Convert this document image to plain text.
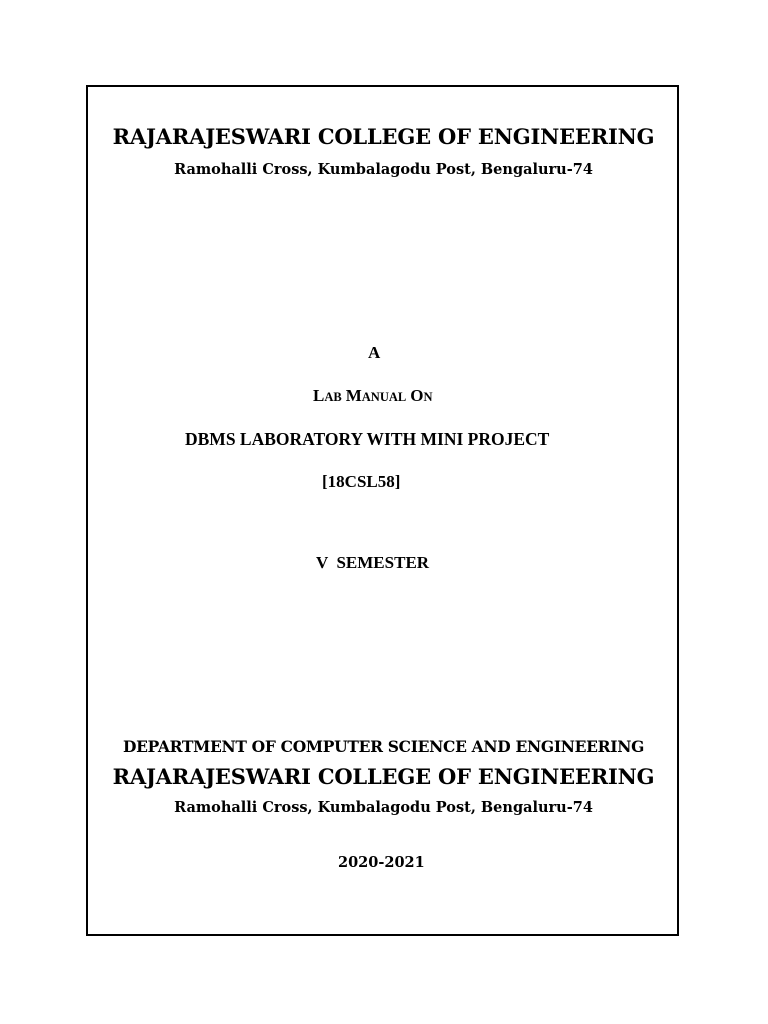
RAJARAJESWARI COLLEGE OF ENGINEERING
Ramohalli Cross, Kumbalagodu Post, Bengaluru-74
A
LAB MANUAL ON
DBMS LABORATORY WITH MINI PROJECT
[18CSL58]
V  SEMESTER
DEPARTMENT OF COMPUTER SCIENCE AND ENGINEERING
RAJARAJESWARI COLLEGE OF ENGINEERING
Ramohalli Cross, Kumbalagodu Post, Bengaluru-74
2020-2021
